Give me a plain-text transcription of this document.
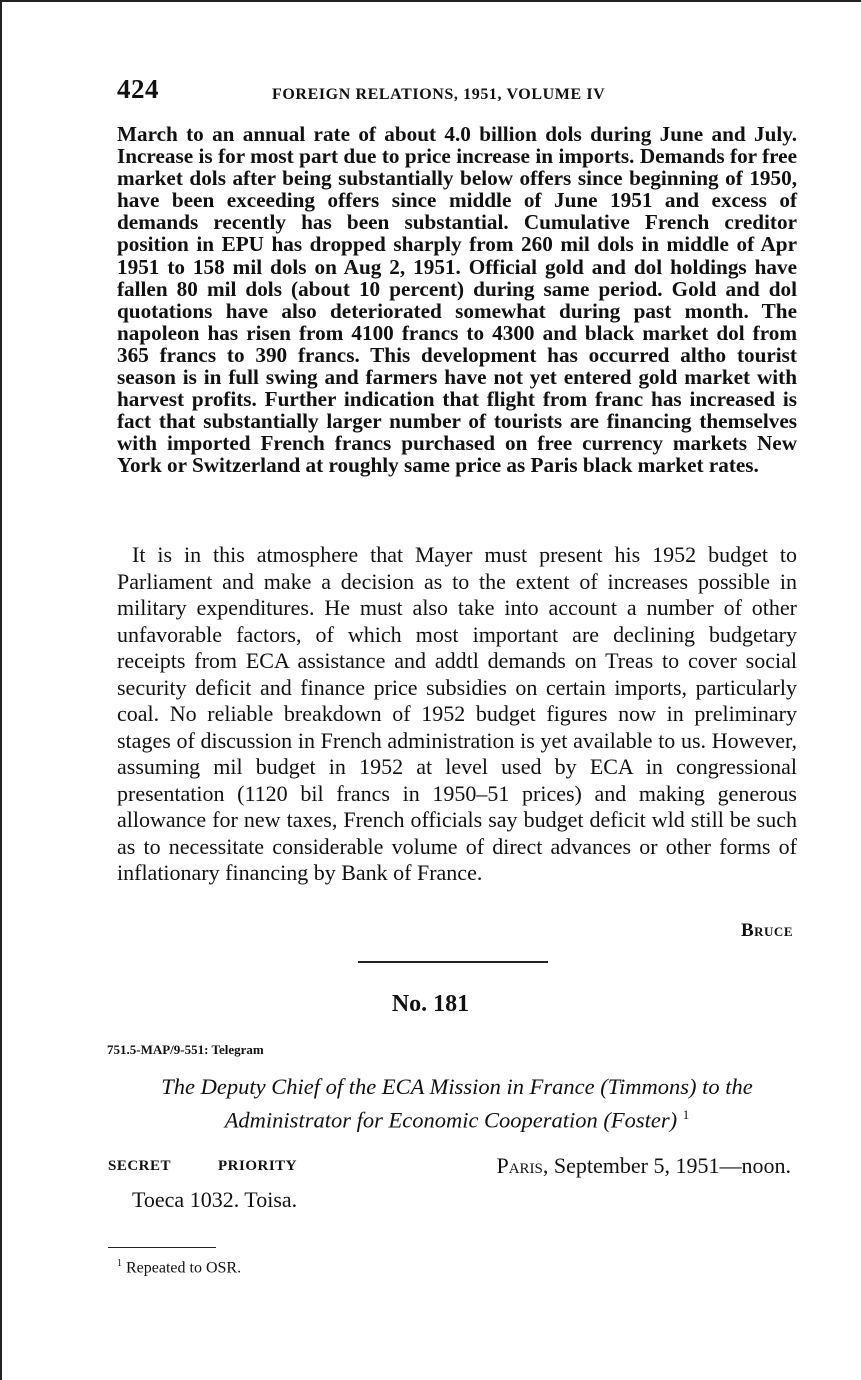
424	FOREIGN RELATIONS, 1951, VOLUME IV

March to an annual rate of about 4.0 billion dols during June and July. Increase is for most part due to price increase in imports. Demands for free market dols after being substantially below offers since beginning of 1950, have been exceeding offers since middle of June 1951 and excess of demands recently has been substantial. Cumulative French creditor position in EPU has dropped sharply from 260 mil dols in middle of Apr 1951 to 158 mil dols on Aug 2, 1951. Official gold and dol holdings have fallen 80 mil dols (about 10 percent) during same period. Gold and dol quotations have also deteriorated somewhat during past month. The napoleon has risen from 4100 francs to 4300 and black market dol from 365 francs to 390 francs. This development has occurred altho tourist season is in full swing and farmers have not yet entered gold market with harvest profits. Further indication that flight from franc has increased is fact that substantially larger number of tourists are financing themselves with imported French francs purchased on free currency markets New York or Switzerland at roughly same price as Paris black market rates.

It is in this atmosphere that Mayer must present his 1952 budget to Parliament and make a decision as to the extent of increases possible in military expenditures. He must also take into account a number of other unfavorable factors, of which most important are declining budgetary receipts from ECA assistance and addtl demands on Treas to cover social security deficit and finance price subsidies on certain imports, particularly coal. No reliable breakdown of 1952 budget figures now in preliminary stages of discussion in French administration is yet available to us. However, assuming mil budget in 1952 at level used by ECA in congressional presentation (1120 bil francs in 1950–51 prices) and making generous allowance for new taxes, French officials say budget deficit wld still be such as to necessitate considerable volume of direct advances or other forms of inflationary financing by Bank of France.

Bruce
No. 181
751.5-MAP/9-551: Telegram

The Deputy Chief of the ECA Mission in France (Timmons) to the Administrator for Economic Cooperation (Foster) $^1$

SECRET	PRIORITY	Paris, September 5, 1951—noon.
Toeca 1032. Toisa.
$^1$ Repeated to OSR.
